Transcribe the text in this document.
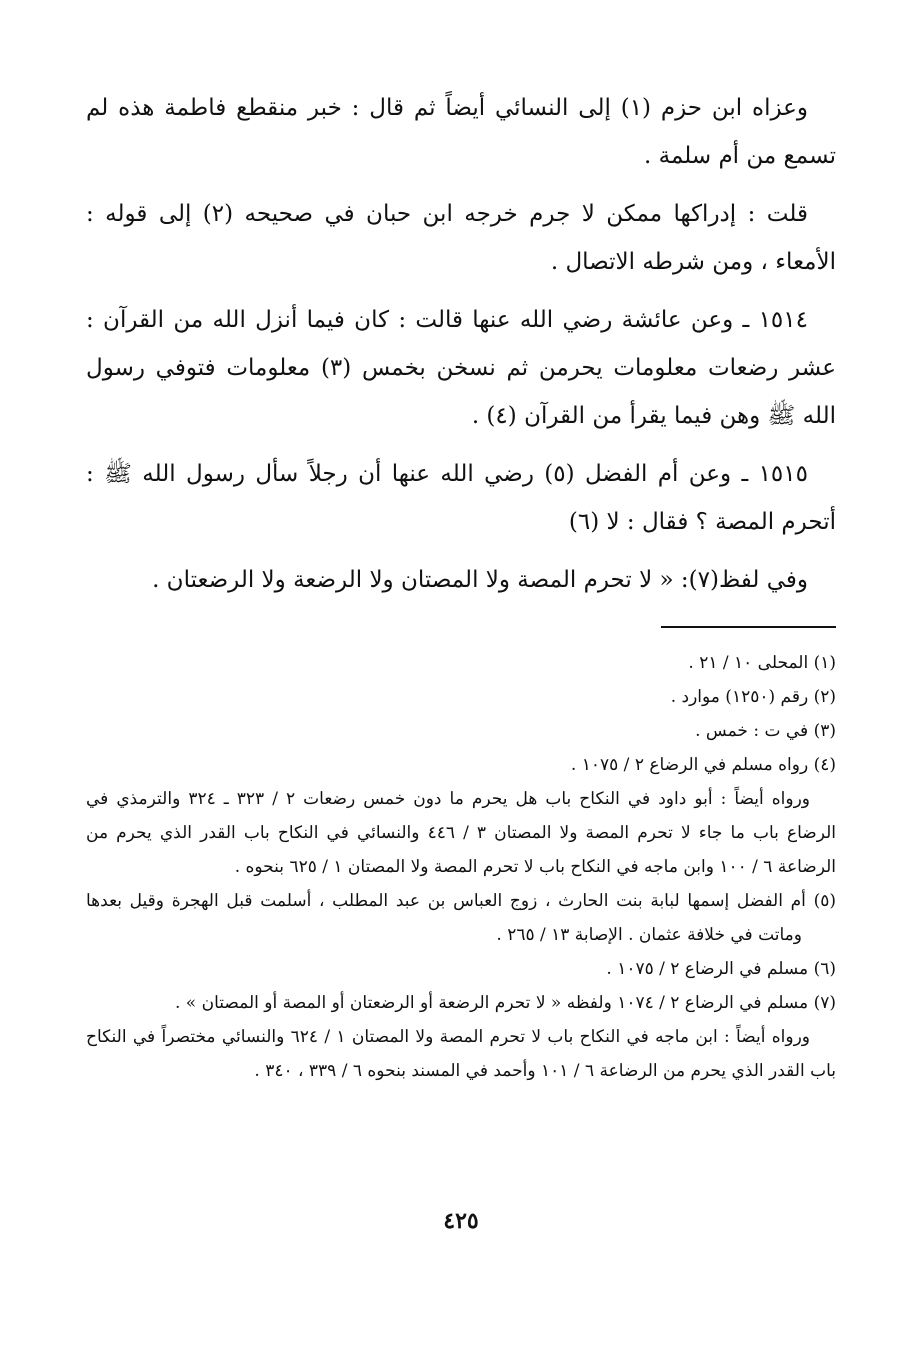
وعزاه ابن حزم (١) إلى النسائي أيضاً ثم قال : خبر منقطع فاطمة هذه لم تسمع من أم سلمة .

قلت : إدراكها ممكن لا جرم خرجه ابن حبان في صحيحه (٢) إلى قوله : الأمعاء ، ومن شرطه الاتصال .

١٥١٤ ـ وعن عائشة رضي الله عنها قالت : كان فيما أنزل الله من القرآن : عشر رضعات معلومات يحرمن ثم نسخن بخمس (٣) معلومات فتوفي رسول الله ﷺ وهن فيما يقرأ من القرآن (٤) .

١٥١٥ ـ وعن أم الفضل (٥) رضي الله عنها أن رجلاً سأل رسول الله ﷺ : أتحرم المصة ؟ فقال : لا (٦)

وفي لفظ(٧): « لا تحرم المصة ولا المصتان ولا الرضعة ولا الرضعتان .

(١) المحلى ١٠ / ٢١ .

(٢) رقم (١٢٥٠) موارد .

(٣) في ت : خمس .

(٤) رواه مسلم في الرضاع ٢ / ١٠٧٥ .

ورواه أيضاً : أبو داود في النكاح باب هل يحرم ما دون خمس رضعات ٢ / ٣٢٣ ـ ٣٢٤ والترمذي في الرضاع باب ما جاء لا تحرم المصة ولا المصتان ٣ / ٤٤٦ والنسائي في النكاح باب القدر الذي يحرم من الرضاعة ٦ / ١٠٠ وابن ماجه في النكاح باب لا تحرم المصة ولا المصتان ١ / ٦٢٥ بنحوه .

(٥) أم الفضل إسمها لبابة بنت الحارث ، زوج العباس بن عبد المطلب ، أسلمت قبل الهجرة وقيل بعدها وماتت في خلافة عثمان . الإصابة ١٣ / ٢٦٥ .

(٦) مسلم في الرضاع ٢ / ١٠٧٥ .

(٧) مسلم في الرضاع ٢ / ١٠٧٤ ولفظه « لا تحرم الرضعة أو الرضعتان أو المصة أو المصتان » .

ورواه أيضاً : ابن ماجه في النكاح باب لا تحرم المصة ولا المصتان ١ / ٦٢٤ والنسائي مختصراً في النكاح باب القدر الذي يحرم من الرضاعة ٦ / ١٠١ وأحمد في المسند بنحوه ٦ / ٣٣٩ ، ٣٤٠ .

٤٢٥
